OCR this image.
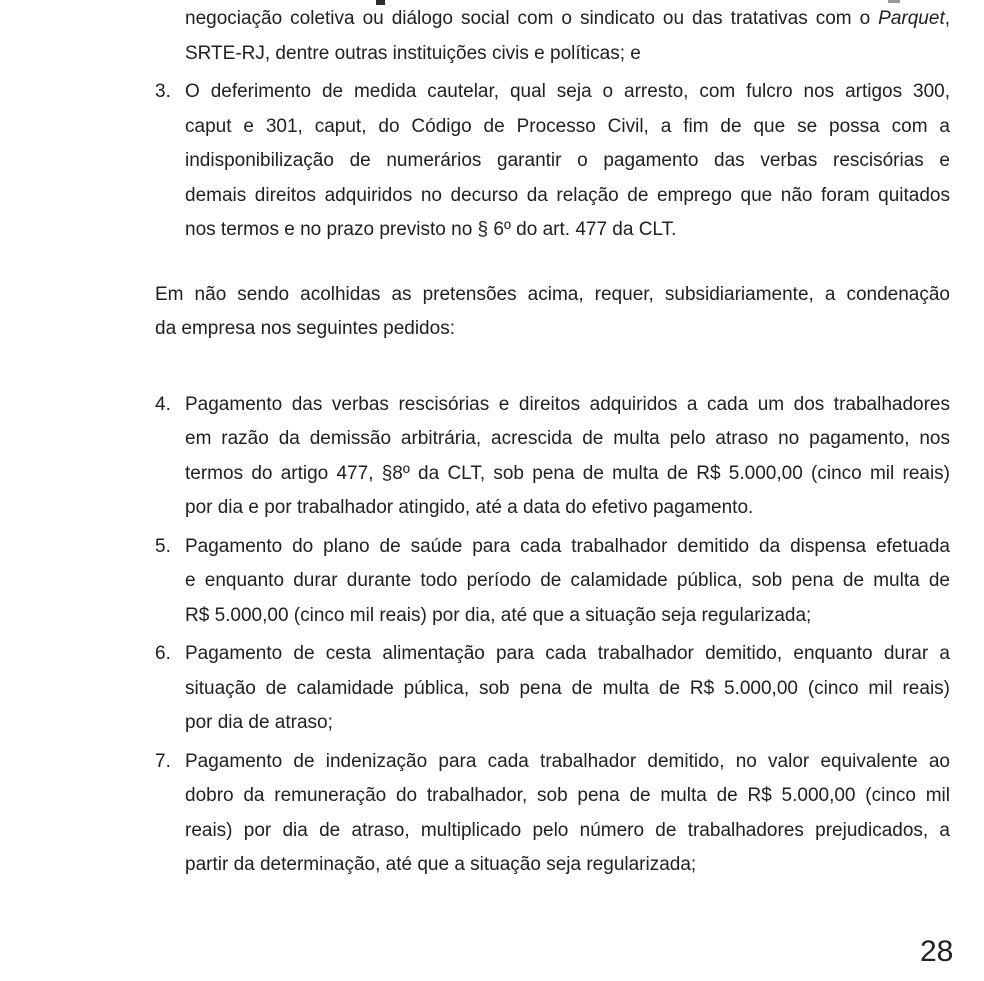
negociação coletiva ou diálogo social com o sindicato ou das tratativas com o Parquet,
SRTE-RJ, dentre outras instituições civis e políticas; e
3. O deferimento de medida cautelar, qual seja o arresto, com fulcro nos artigos 300,
caput e 301, caput, do Código de Processo Civil, a fim de que se possa com a
indisponibilização de numerários garantir o pagamento das verbas rescisórias e
demais direitos adquiridos no decurso da relação de emprego que não foram quitados
nos termos e no prazo previsto no § 6º do art. 477 da CLT.
Em não sendo acolhidas as pretensões acima, requer, subsidiariamente, a condenação
da empresa nos seguintes pedidos:
4. Pagamento das verbas rescisórias e direitos adquiridos a cada um dos trabalhadores
em razão da demissão arbitrária, acrescida de multa pelo atraso no pagamento, nos
termos do artigo 477, §8º da CLT, sob pena de multa de R$ 5.000,00 (cinco mil reais)
por dia e por trabalhador atingido, até a data do efetivo pagamento.
5. Pagamento do plano de saúde para cada trabalhador demitido da dispensa efetuada
e enquanto durar durante todo período de calamidade pública, sob pena de multa de
R$ 5.000,00 (cinco mil reais) por dia, até que a situação seja regularizada;
6. Pagamento de cesta alimentação para cada trabalhador demitido, enquanto durar a
situação de calamidade pública, sob pena de multa de R$ 5.000,00 (cinco mil reais)
por dia de atraso;
7. Pagamento de indenização para cada trabalhador demitido, no valor equivalente ao
dobro da remuneração do trabalhador, sob pena de multa de R$ 5.000,00 (cinco mil
reais) por dia de atraso, multiplicado pelo número de trabalhadores prejudicados, a
partir da determinação, até que a situação seja regularizada;
28
